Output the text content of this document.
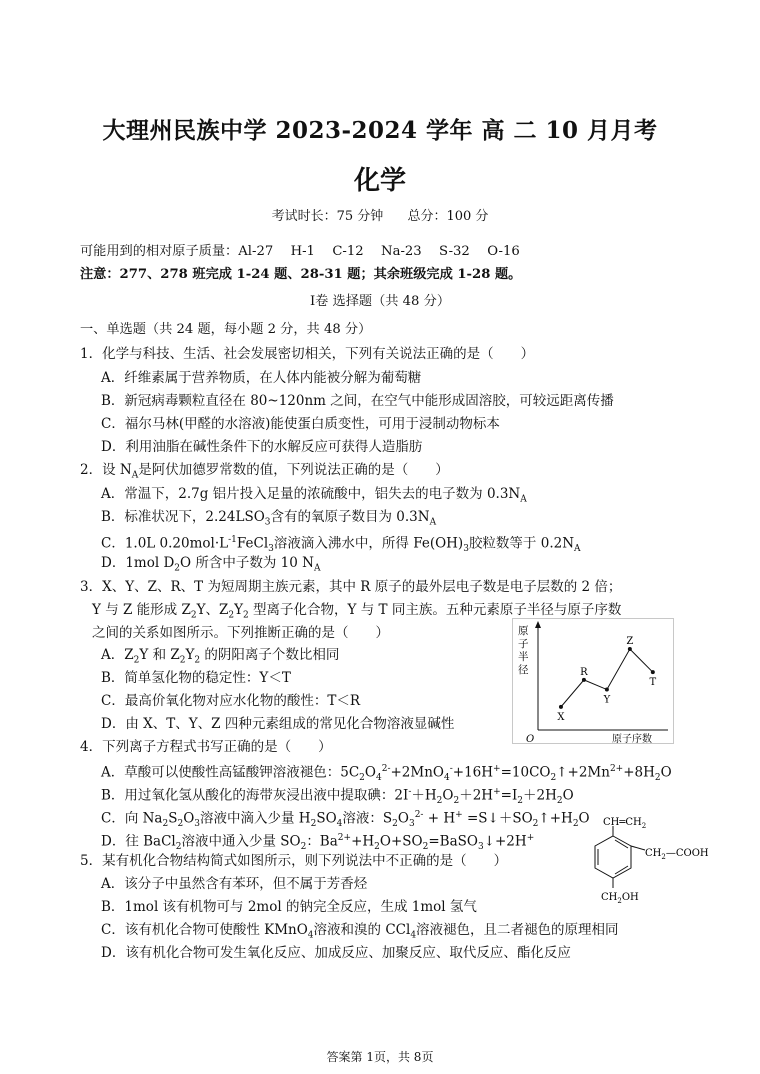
大理州民族中学 2023-2024 学年 高 二 10 月月考
化学
考试时长：75 分钟 总分：100 分
可能用到的相对原子质量：Al-27　 H-1　 C-12　 Na-23　 S-32　 O-16
注意：277、278 班完成 1-24 题、28-31 题；其余班级完成 1-28 题。
Ⅰ卷 选择题（共 48 分）
一、单选题（共 24 题，每小题 2 分，共 48 分）
1．化学与科技、生活、社会发展密切相关，下列有关说法正确的是（　　）
A．纤维素属于营养物质，在人体内能被分解为葡萄糖
B．新冠病毒颗粒直径在 80~120nm 之间，在空气中能形成固溶胶，可较远距离传播
C．福尔马林(甲醛的水溶液)能使蛋白质变性，可用于浸制动物标本
D．利用油脂在碱性条件下的水解反应可获得人造脂肪
2．设 $N_A$是阿伏加德罗常数的值，下列说法正确的是（　　）
A．常温下，2.7g 铝片投入足量的浓硫酸中，铝失去的电子数为 $0.3N_A$
B．标准状况下，$2.24LSO_3$含有的氧原子数目为 $0.3N_A$
C．1.0L $0.20mol\cdot L^{-1}FeCl_3$溶液滴入沸水中，所得 $Fe(OH)_3$胶粒数等于 $0.2N_A$
D．1mol $D_2O$ 所含中子数为 10 $N_A$
3．X、Y、Z、R、T 为短周期主族元素，其中 R 原子的最外层电子数是电子层数的 2 倍；
Y 与 Z 能形成 $Z_2Y$、$Z_2Y_2$ 型离子化合物，Y 与 T 同主族。五种元素原子半径与原子序数
之间的关系如图所示。下列推断正确的是（　　）
A．$Z_2Y$ 和 $Z_2Y_2$ 的阴阳离子个数比相同
B．简单氢化物的稳定性：Y＜T
C．最高价氧化物对应水化物的酸性：T＜R
D．由 X、T、Y、Z 四种元素组成的常见化合物溶液显碱性
原子半径
原子序数
O
X
R
Y
Z
T
4．下列离子方程式书写正确的是（　　）
A．草酸可以使酸性高锰酸钾溶液褪色：$5C_2O_4^{2-}+2MnO_4^-+16H^+=10CO_2↑+2Mn^{2+}+8H_2O$
B．用过氧化氢从酸化的海带灰浸出液中提取碘：$2I^-+H_2O_2+2H^+=I_2+2H_2O$
C．向 $Na_2S_2O_3$溶液中滴入少量 $H_2SO_4$溶液：$S_2O_3^{2-} + H^+$ $=S↓+SO_2↑+H_2O$
D．往 BaCl$_2$溶液中通入少量 $SO_2$：$Ba^{2+}+H_2O+SO_2=BaSO_3↓+2H^+$
$CH═CH_2$
$CH_2—COOH$
$CH_2OH$
5．某有机化合物结构简式如图所示，则下列说法中不正确的是（　　）
A．该分子中虽然含有苯环，但不属于芳香烃
B．1mol 该有机物可与 2mol 的钠完全反应，生成 1mol 氢气
C．该有机化合物可使酸性 KMnO$_4$溶液和溴的 CCl$_4$溶液褪色，且二者褪色的原理相同
D．该有机化合物可发生氧化反应、加成反应、加聚反应、取代反应、酯化反应
答案第 1页，共 8页
